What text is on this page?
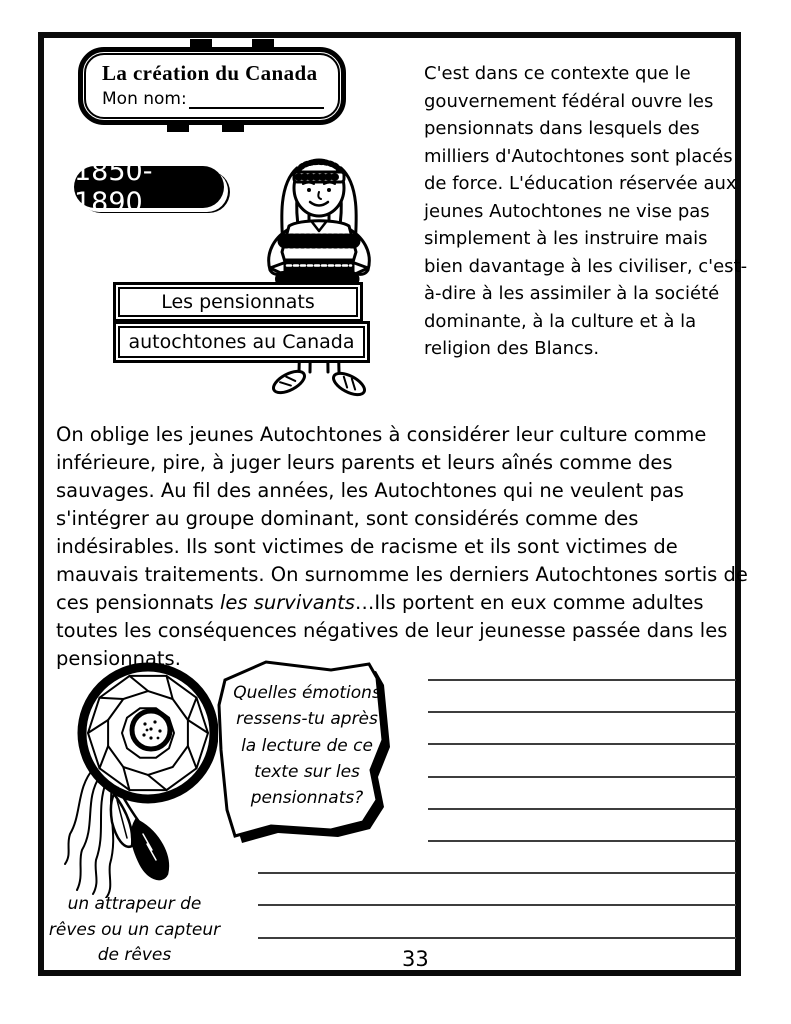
La création du Canada
Mon nom:
1850- 1890
Les pensionnats
autochtones au Canada
C'est dans ce contexte que le gouvernement fédéral ouvre les pensionnats dans lesquels des milliers d'Autochtones sont placés de force. L'éducation réservée aux jeunes Autochtones ne vise pas simplement à les instruire mais bien davantage à les civiliser, c'est-à-dire à les assimiler à la société dominante, à la culture et à la religion des Blancs.
On oblige les jeunes Autochtones à considérer leur culture comme inférieure, pire, à juger leurs parents et leurs aînés comme des sauvages. Au fil des années, les Autochtones qui ne veulent pas s'intégrer au groupe dominant, sont considérés comme des indésirables. Ils sont victimes de racisme et ils sont victimes de mauvais traitements. On surnomme les derniers Autochtones sortis de ces pensionnats les survivants…Ils portent en eux comme adultes toutes les conséquences négatives de leur jeunesse passée dans les pensionnats.
Quelles émotions ressens-tu après la lecture de ce texte sur les pensionnats?
un attrapeur de rêves ou un capteur de rêves	33
